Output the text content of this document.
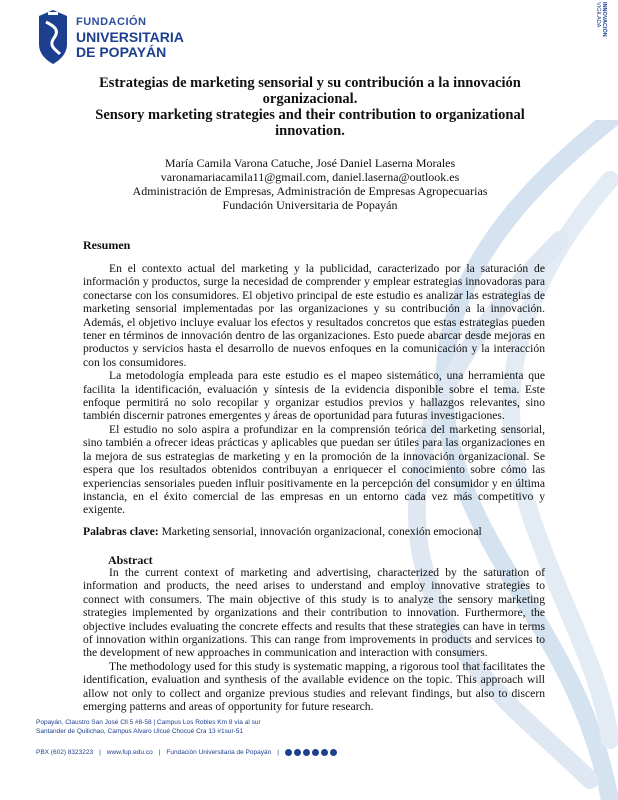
FUNDACIÓN
UNIVERSITARIA
DE POPAYÁN
INNOVACIÓN
VIGILADA
Estrategias de marketing sensorial y su contribución a la innovación
organizacional.
Sensory marketing strategies and their contribution to organizational
innovation.
María Camila Varona Catuche, José Daniel Laserna Morales
varonamariacamila11@gmail.com, daniel.laserna@outlook.es
Administración de Empresas, Administración de Empresas Agropecuarias
Fundación Universitaria de Popayán
Resumen

En el contexto actual del marketing y la publicidad, caracterizado por la saturación de información y productos, surge la necesidad de comprender y emplear estrategias innovadoras para conectarse con los consumidores. El objetivo principal de este estudio es analizar las estrategias de marketing sensorial implementadas por las organizaciones y su contribución a la innovación. Además, el objetivo incluye evaluar los efectos y resultados concretos que estas estrategias pueden tener en términos de innovación dentro de las organizaciones. Esto puede abarcar desde mejoras en productos y servicios hasta el desarrollo de nuevos enfoques en la comunicación y la interacción con los consumidores.

La metodología empleada para este estudio es el mapeo sistemático, una herramienta que facilita la identificación, evaluación y síntesis de la evidencia disponible sobre el tema. Este enfoque permitirá no solo recopilar y organizar estudios previos y hallazgos relevantes, sino también discernir patrones emergentes y áreas de oportunidad para futuras investigaciones.

El estudio no solo aspira a profundizar en la comprensión teórica del marketing sensorial, sino también a ofrecer ideas prácticas y aplicables que puedan ser útiles para las organizaciones en la mejora de sus estrategias de marketing y en la promoción de la innovación organizacional. Se espera que los resultados obtenidos contribuyan a enriquecer el conocimiento sobre cómo las experiencias sensoriales pueden influir positivamente en la percepción del consumidor y en última instancia, en el éxito comercial de las empresas en un entorno cada vez más competitivo y exigente.

Palabras clave: Marketing sensorial, innovación organizacional, conexión emocional
Abstract

In the current context of marketing and advertising, characterized by the saturation of information and products, the need arises to understand and employ innovative strategies to connect with consumers. The main objective of this study is to analyze the sensory marketing strategies implemented by organizations and their contribution to innovation. Furthermore, the objective includes evaluating the concrete effects and results that these strategies can have in terms of innovation within organizations. This can range from improvements in products and services to the development of new approaches in communication and interaction with consumers.

The methodology used for this study is systematic mapping, a rigorous tool that facilitates the identification, evaluation and synthesis of the available evidence on the topic. This approach will allow not only to collect and organize previous studies and relevant findings, but also to discern emerging patterns and areas of opportunity for future research.

Popayán, Claustro San José Cll 5 #8-58 | Campus Los Robles Km 8 vía al sur
Santander de Quilichao, Campus Alvaro Ulcué Chocué Cra 13 #1sur-51
PBX (602) 8323223 | www.fup.edu.co | Fundación Universitaria de Popayán |
